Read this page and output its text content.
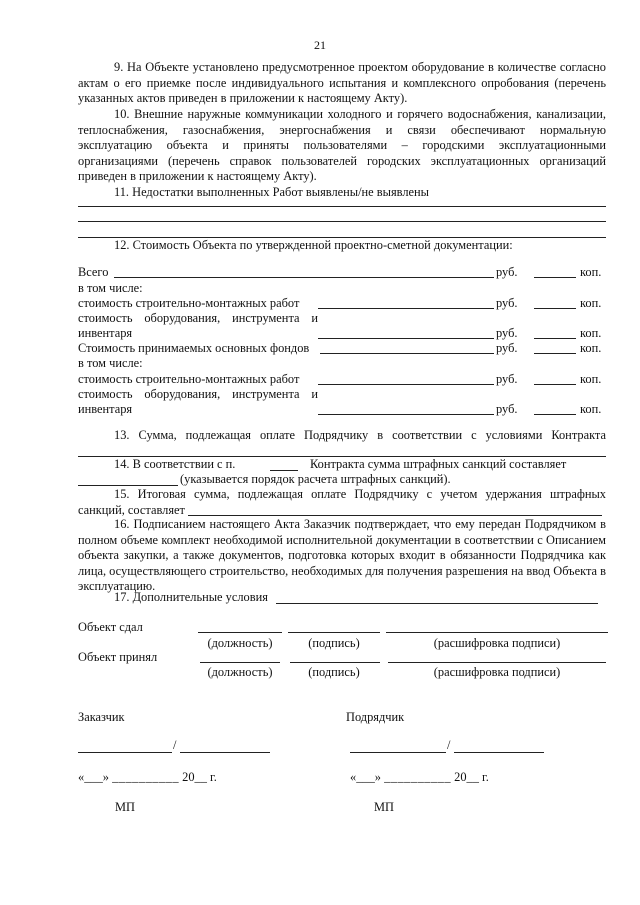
21

9. На Объекте установлено предусмотренное проектом оборудование в количестве согласно актам о его приемке после индивидуального испытания и комплексного опробования (перечень указанных актов приведен в приложении к настоящему Акту).

10. Внешние наружные коммуникации холодного и горячего водоснабжения, канализации, теплоснабжения, газоснабжения, энергоснабжения и связи обеспечивают нормальную эксплуатацию объекта и приняты пользователями – городскими эксплуатационными организациями (перечень справок пользователей городских эксплуатационных организаций приведен в приложении к настоящему Акту).

11. Недостатки выполненных Работ выявлены/не выявлены

12. Стоимость Объекта по утвержденной проектно-сметной документации:

Всего	руб.	коп.
в том числе:
стоимость строительно-монтажных работ	руб.	коп.
стоимость оборудования, инструмента и
инвентаря	руб.	коп.
Стоимость принимаемых основных фондов	руб.	коп.
в том числе:
стоимость строительно-монтажных работ	руб.	коп.
стоимость оборудования, инструмента и
инвентаря	руб.	коп.

13. Сумма, подлежащая оплате Подрядчику в соответствии с условиями Контракта

14. В соответствии с п.	Контракта сумма штрафных санкций составляет
(указывается порядок расчета штрафных санкций).

15. Итоговая сумма, подлежащая оплате Подрядчику с учетом удержания штрафных санкций, составляет

16. Подписанием настоящего Акта Заказчик подтверждает, что ему передан Подрядчиком в полном объеме комплект необходимой исполнительной документации в соответствии с Описанием объекта закупки, а также документов, подготовка которых входит в обязанности Подрядчика как лица, осуществляющего строительство, необходимых для получения разрешения на ввод Объекта в эксплуатацию.

17. Дополнительные условия
Объект сдал
(должность)	(подпись)	(расшифровка подписи)
Объект принял
(должность)	(подпись)	(расшифровка подписи)
Заказчик	Подрядчик
/	/
«___» __________ 20__ г.	«___» __________ 20__ г.
МП	МП
